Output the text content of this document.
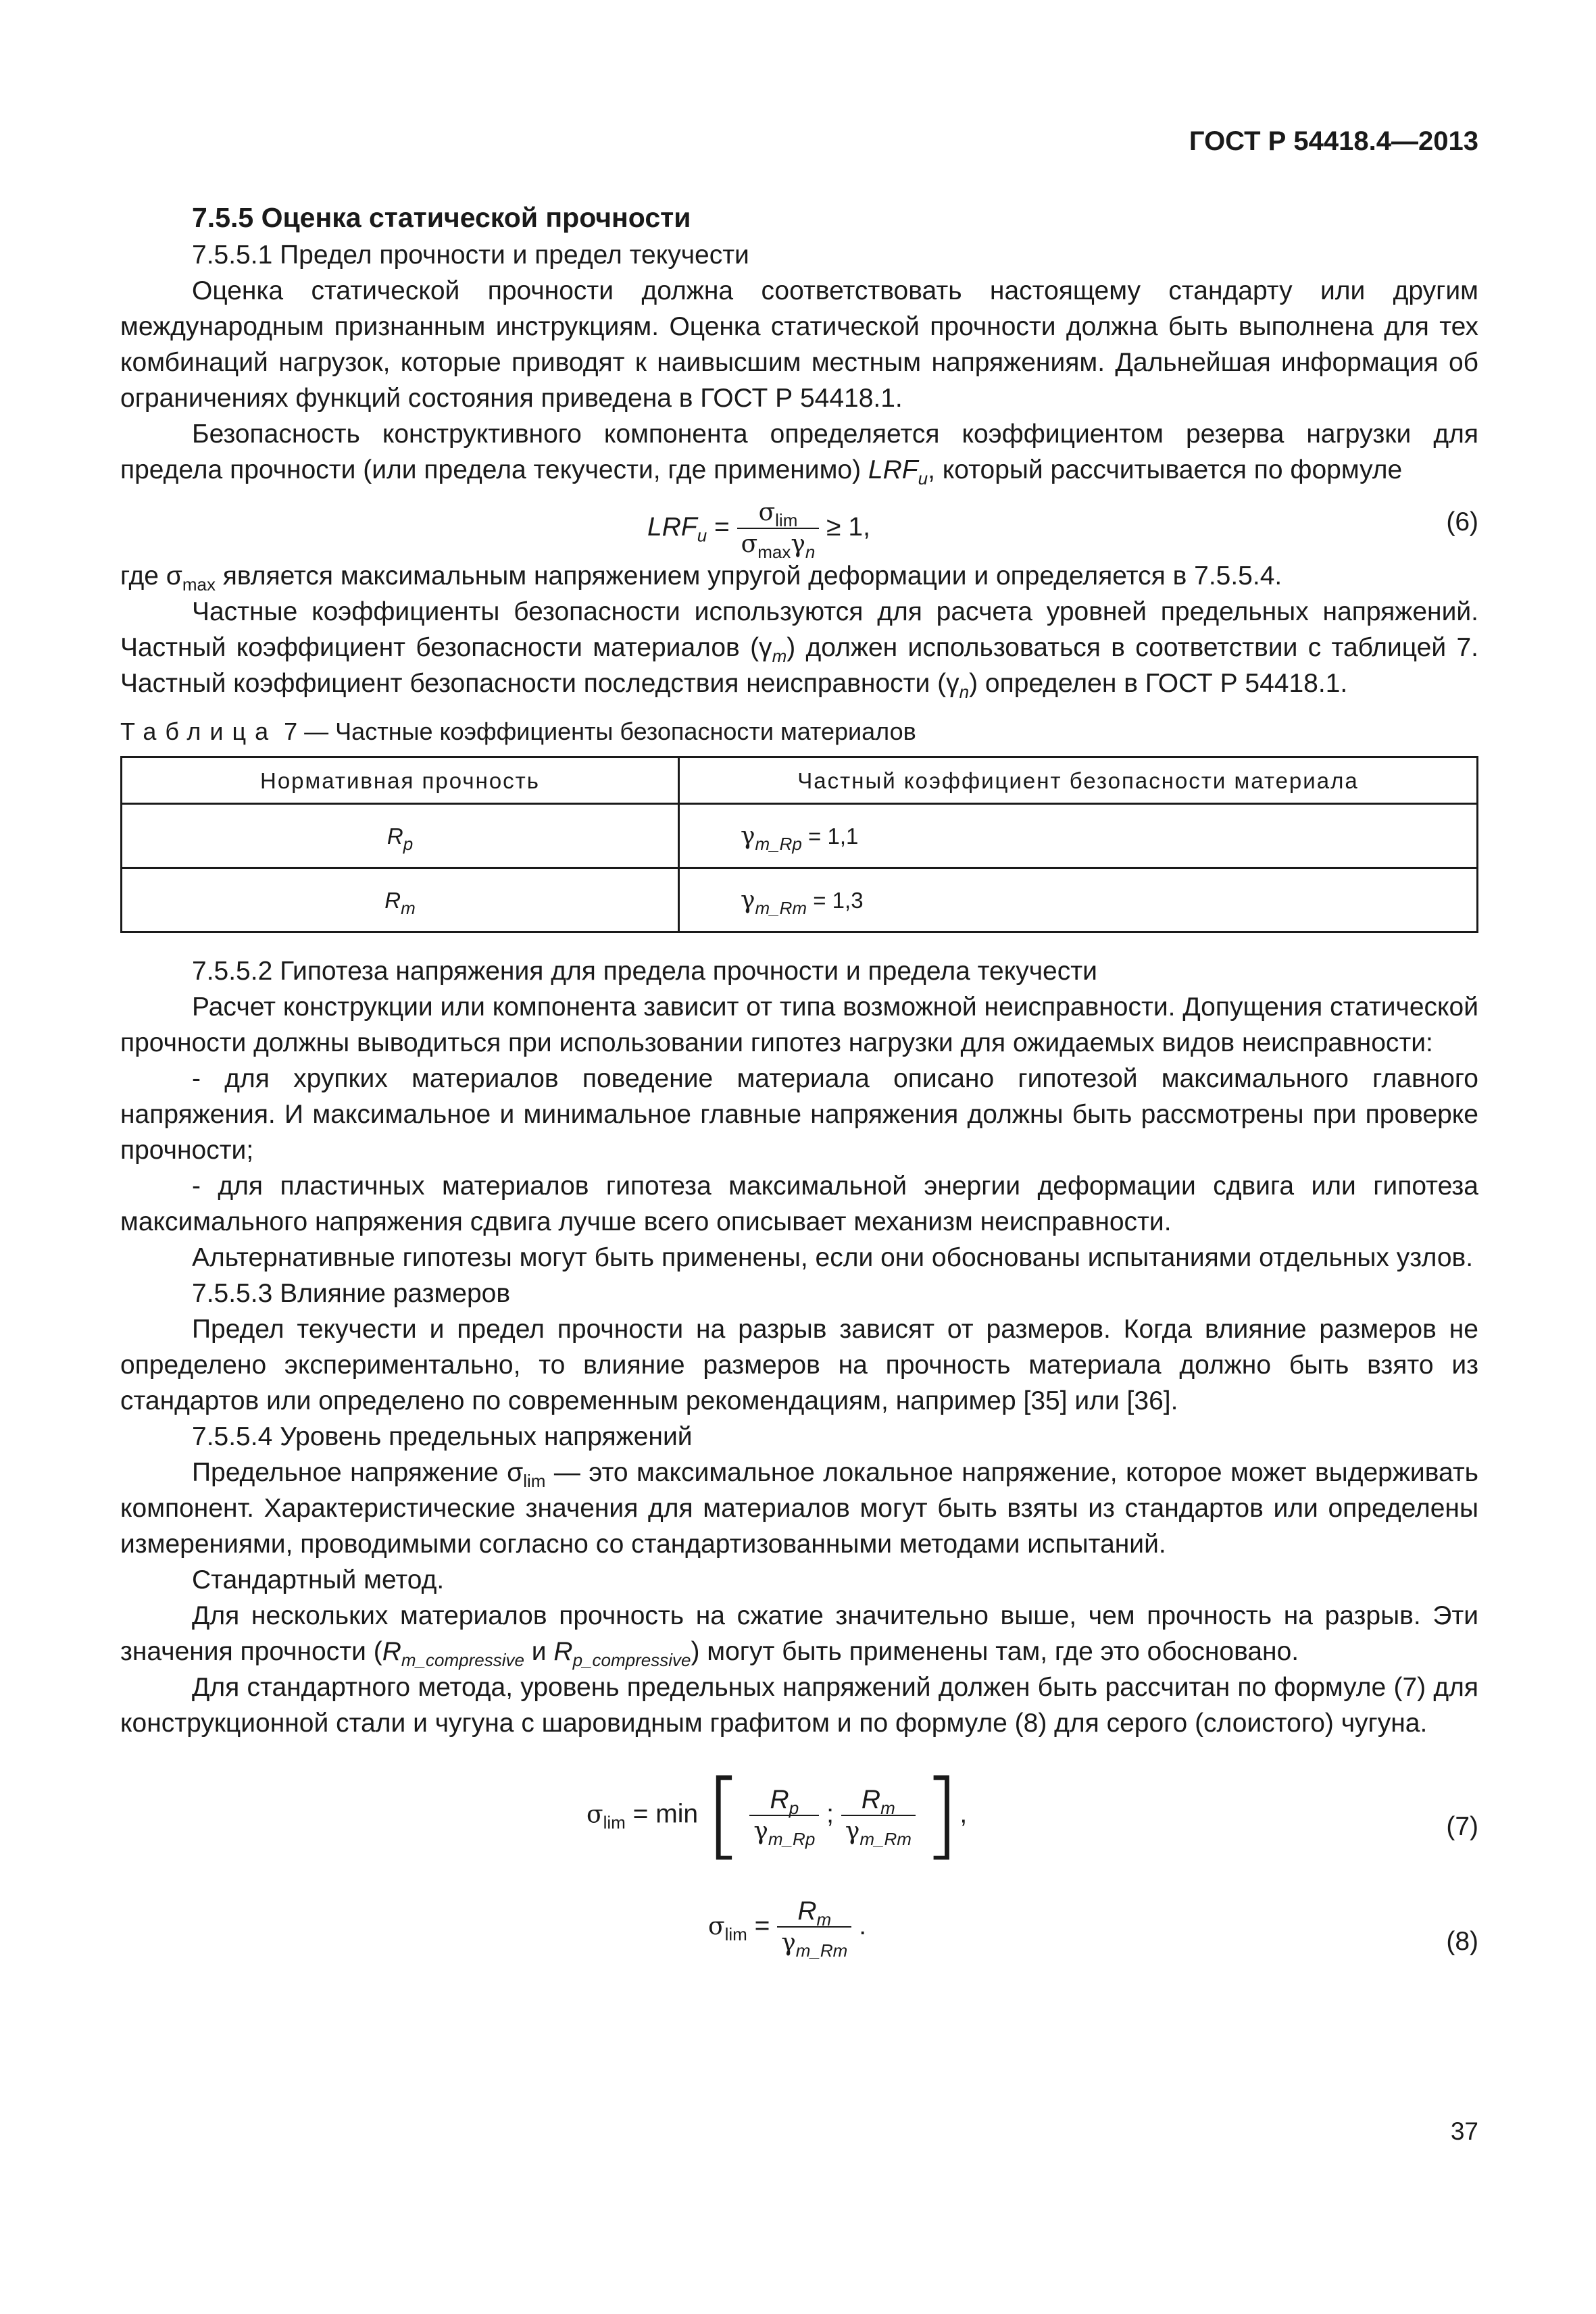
ГОСТ Р 54418.4—2013

7.5.5 Оценка статической прочности

7.5.5.1 Предел прочности и предел текучести

Оценка статической прочности должна соответствовать настоящему стандарту или другим международным признанным инструкциям. Оценка статической прочности должна быть выполнена для тех комбинаций нагрузок, которые приводят к наивысшим местным напряжениям. Дальнейшая информация об ограничениях функций состояния приведена в ГОСТ Р 54418.1.

Безопасность конструктивного компонента определяется коэффициентом резерва нагрузки для предела прочности (или предела текучести, где применимо) $LRF_u$, который рассчитывается по формуле

$LRF_u = \frac{\sigma_{lim}}{\sigma_{max}\gamma_n} \ge 1$,	(6)

где $\sigma_{max}$ является максимальным напряжением упругой деформации и определяется в 7.5.5.4.

Частные коэффициенты безопасности используются для расчета уровней предельных напряжений. Частный коэффициент безопасности материалов $(\gamma_m)$ должен использоваться в соответствии с таблицей 7. Частный коэффициент безопасности последствия неисправности $(\gamma_n)$ определен в ГОСТ Р 54418.1.

Таблица 7 — Частные коэффициенты безопасности материалов
Нормативная прочность	Частный коэффициент безопасности материала
$R_p$	$\gamma_{m\_Rp} = 1,1$
$R_m$	$\gamma_{m\_Rm} = 1,3$

7.5.5.2 Гипотеза напряжения для предела прочности и предела текучести

Расчет конструкции или компонента зависит от типа возможной неисправности. Допущения статической прочности должны выводиться при использовании гипотез нагрузки для ожидаемых видов неисправности:

- для хрупких материалов поведение материала описано гипотезой максимального главного напряжения. И максимальное и минимальное главные напряжения должны быть рассмотрены при проверке прочности;

- для пластичных материалов гипотеза максимальной энергии деформации сдвига или гипотеза максимального напряжения сдвига лучше всего описывает механизм неисправности.

Альтернативные гипотезы могут быть применены, если они обоснованы испытаниями отдельных узлов.

7.5.5.3 Влияние размеров

Предел текучести и предел прочности на разрыв зависят от размеров. Когда влияние размеров не определено экспериментально, то влияние размеров на прочность материала должно быть взято из стандартов или определено по современным рекомендациям, например [35] или [36].

7.5.5.4 Уровень предельных напряжений

Предельное напряжение $\sigma_{lim}$ — это максимальное локальное напряжение, которое может выдерживать компонент. Характеристические значения для материалов могут быть взяты из стандартов или определены измерениями, проводимыми согласно со стандартизованными методами испытаний.

Стандартный метод.

Для нескольких материалов прочность на сжатие значительно выше, чем прочность на разрыв. Эти значения прочности ($R_{m\_compressive}$ и $R_{p\_compressive}$) могут быть применены там, где это обосновано.

Для стандартного метода, уровень предельных напряжений должен быть рассчитан по формуле (7) для конструкционной стали и чугуна с шаровидным графитом и по формуле (8) для серого (слоистого) чугуна.

$\sigma_{lim} = \min$ [ $\frac{R_p}{\gamma_{m\_Rp}}$ ; $\frac{R_m}{\gamma_{m\_Rm}}$ ],	(7)
$\sigma_{lim} = \frac{R_m}{\gamma_{m\_Rm}}$ .
(8)
37
